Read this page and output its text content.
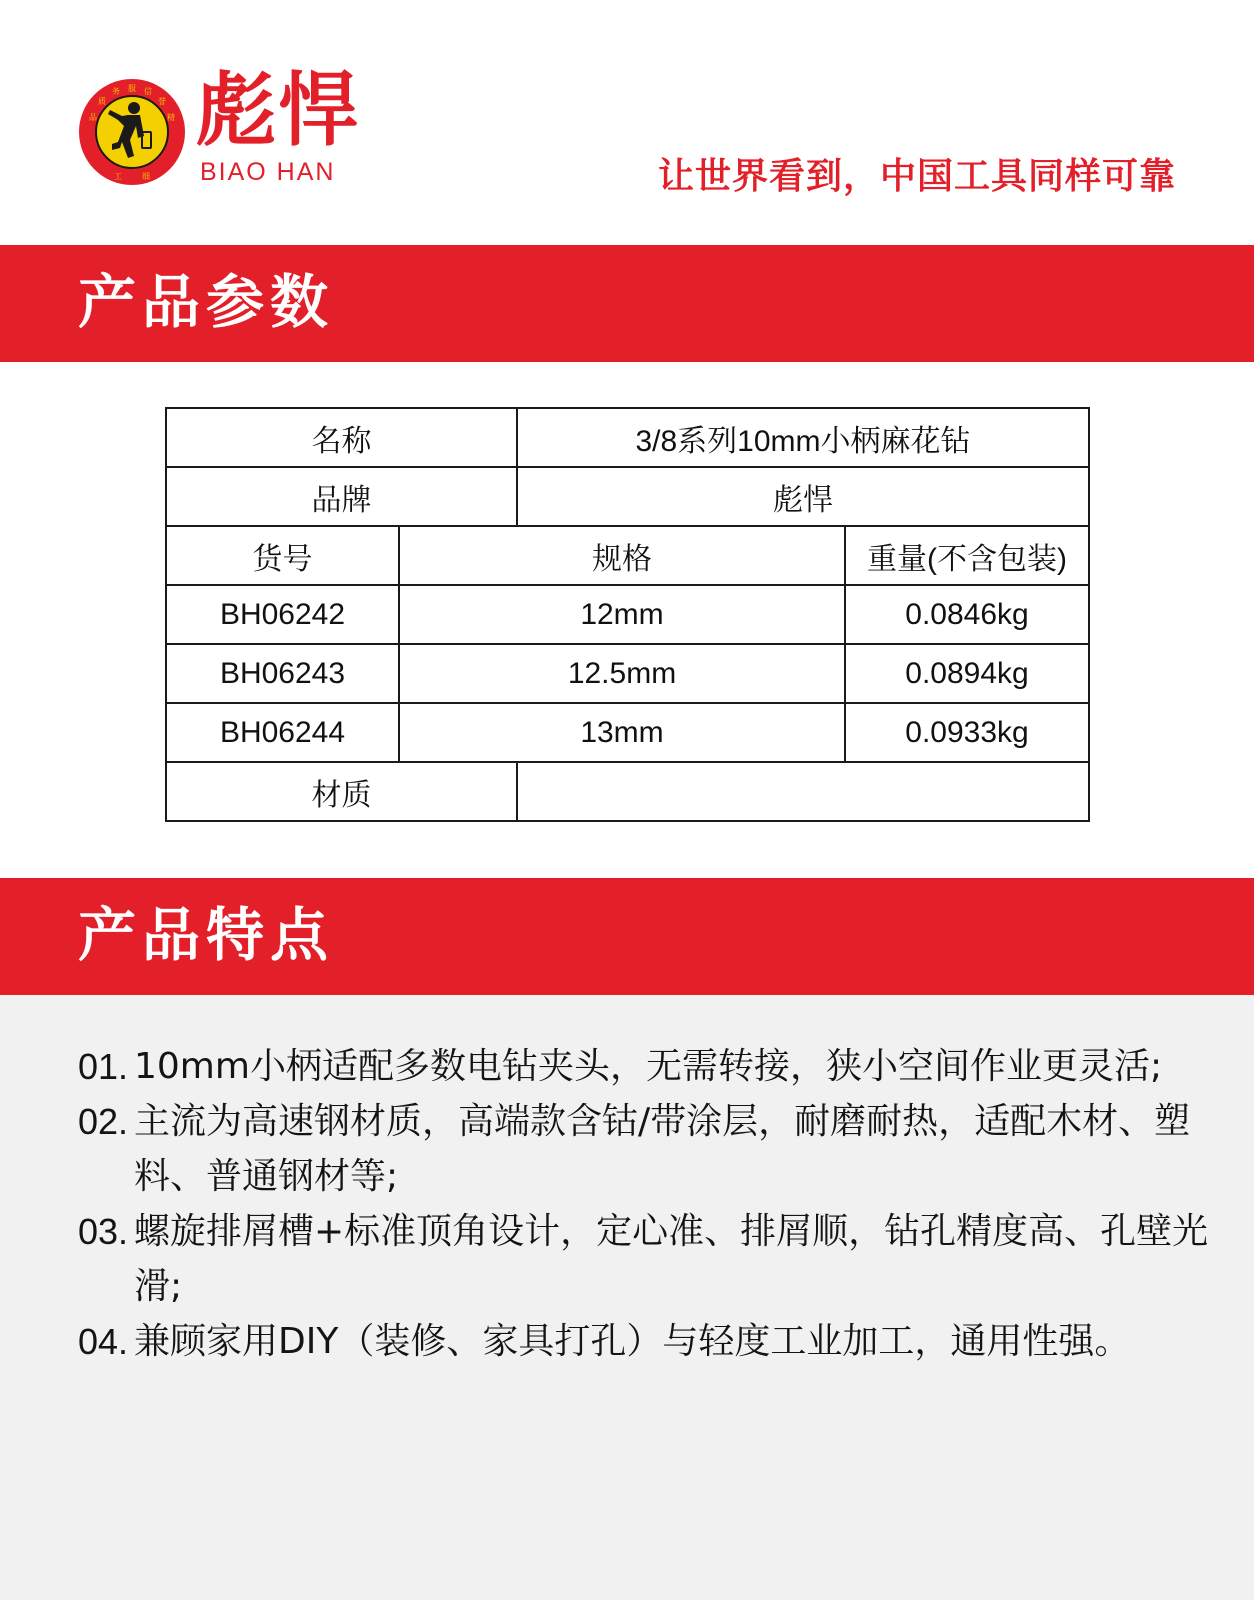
服
务	信
质	誉
品	精
工	细
彪悍
BIAO HAN	让世界看到，中国工具同样可靠
产品参数
名称		3/8系列10mm小柄麻花钻	
品牌		彪悍	
货号	规格		重量(不含包装)
BH06242	12mm		0.0846kg
BH06243	12.5mm		0.0894kg
BH06244	13mm		0.0933kg
材质			
产品特点
01. 10mm小柄适配多数电钻夹头，无需转接，狭小空间作业更灵活;
02. 主流为高速钢材质，高端款含钴/带涂层，耐磨耐热，适配木材、塑料、普通钢材等;
03. 螺旋排屑槽+标准顶角设计，定心准、排屑顺，钻孔精度高、孔壁光滑;
04. 兼顾家用DIY（装修、家具打孔）与轻度工业加工，通用性强。
